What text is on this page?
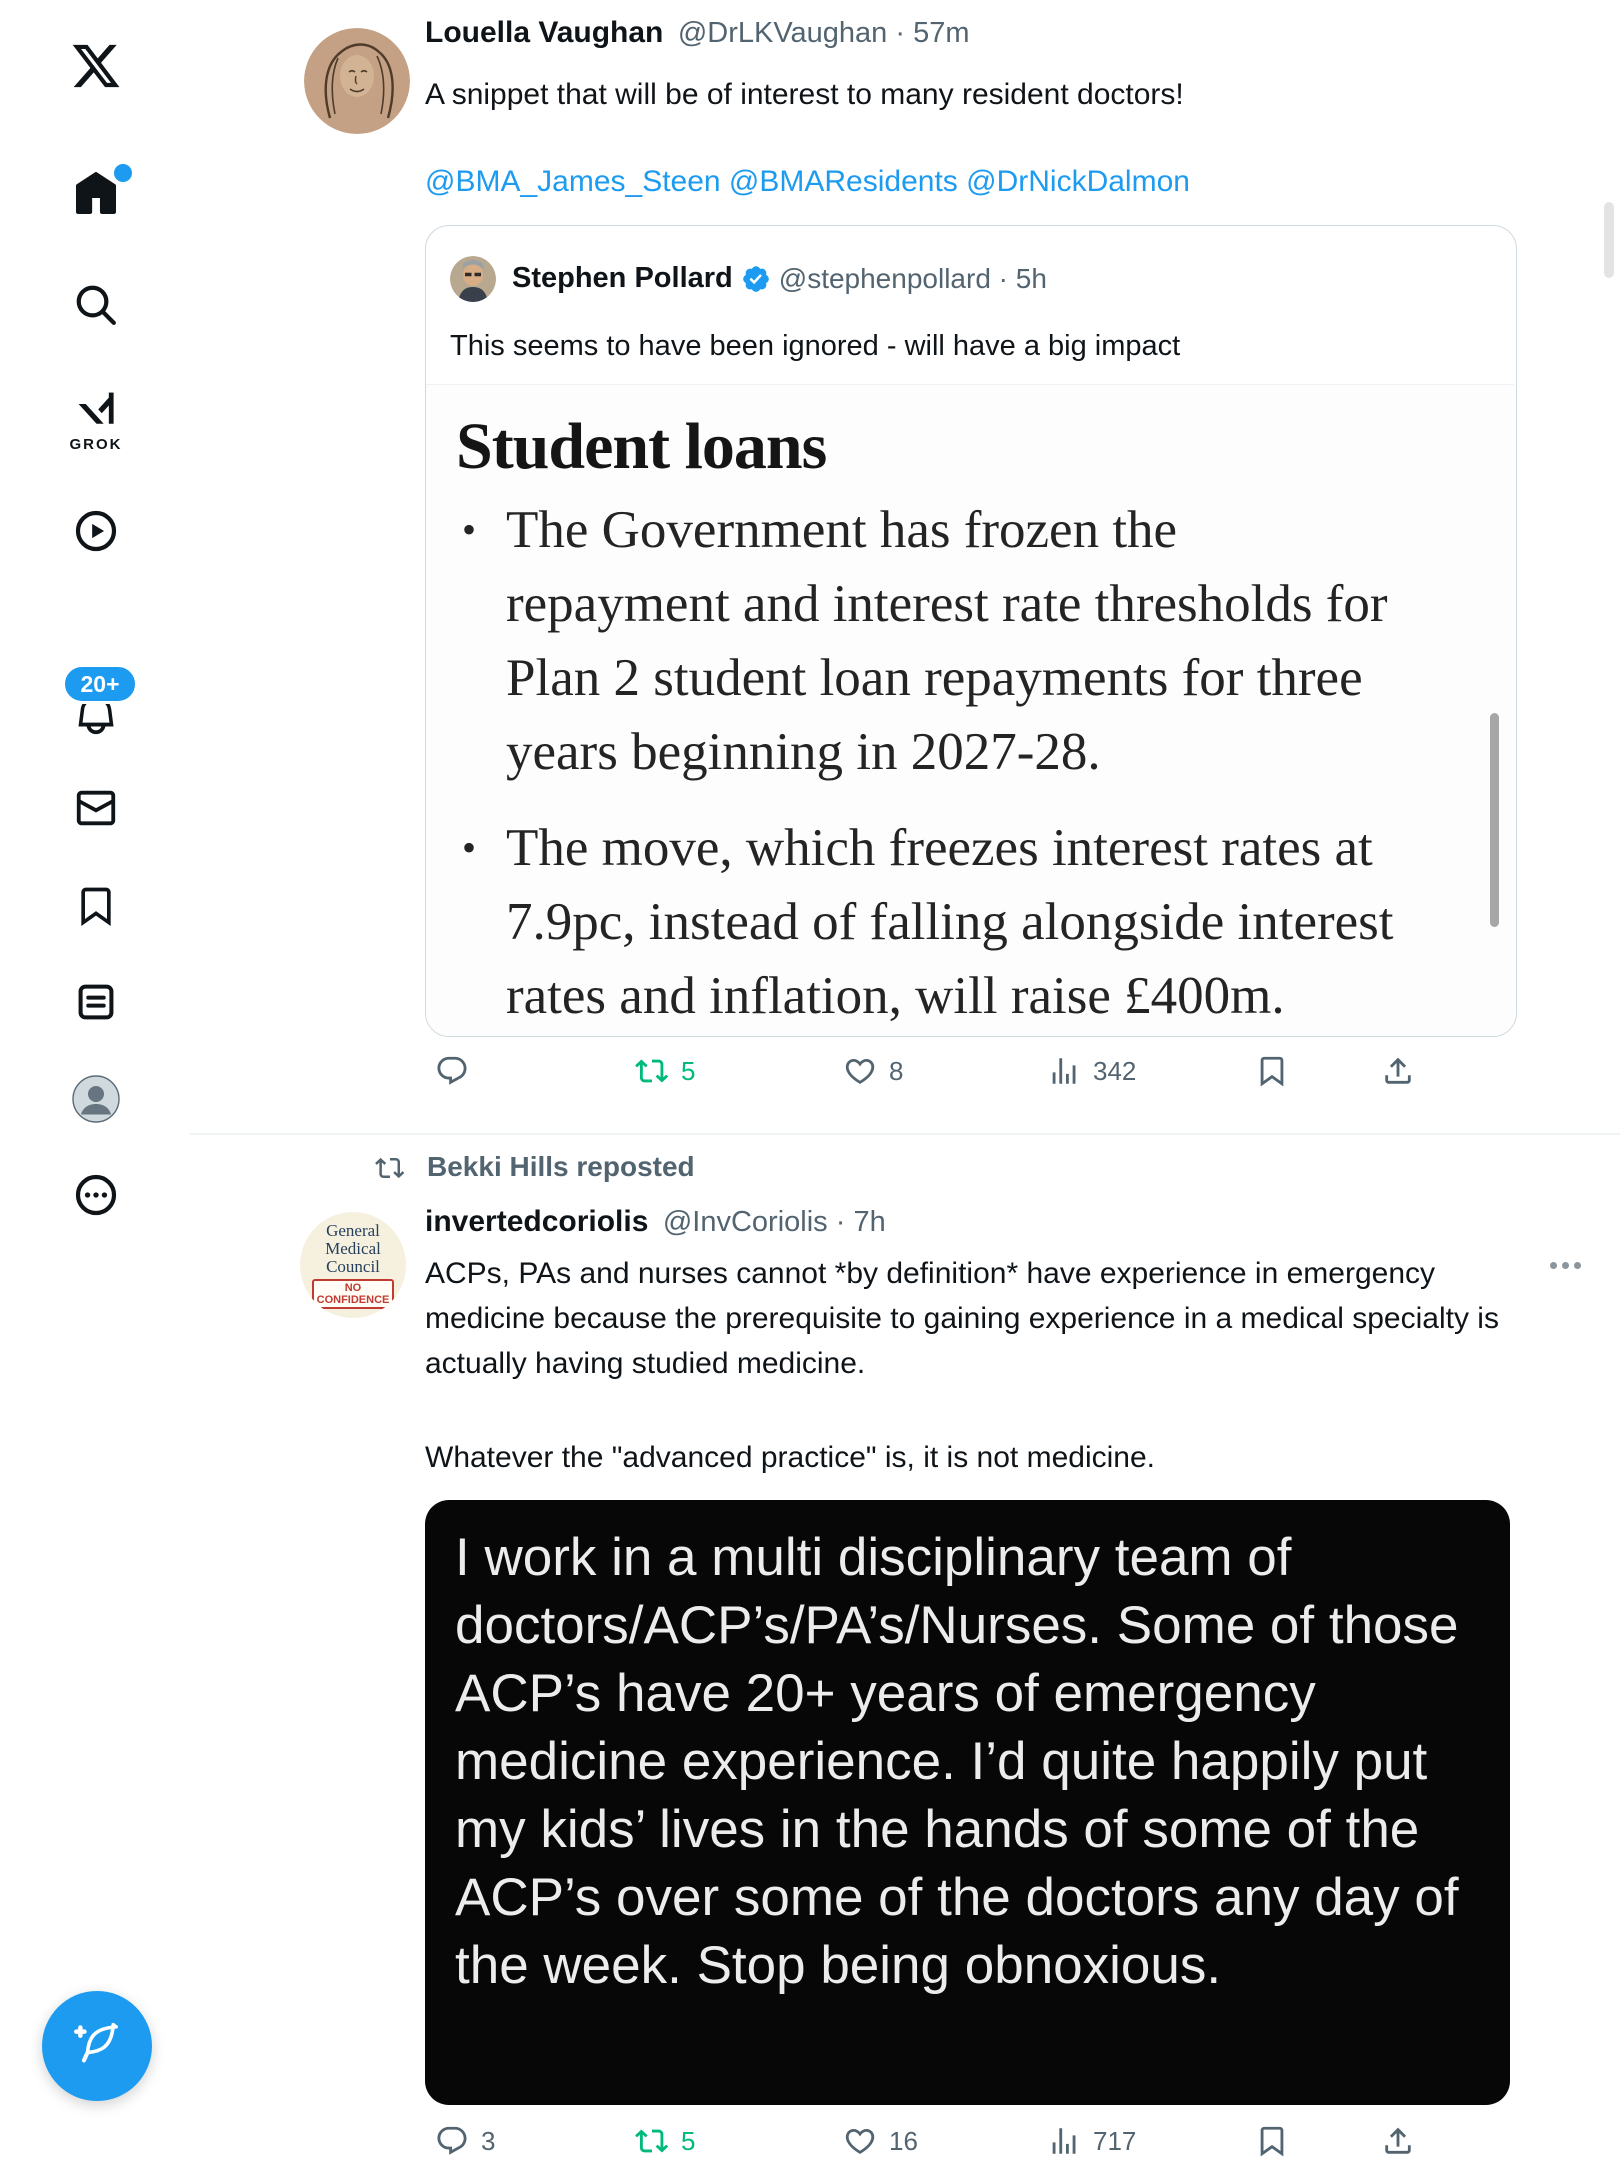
GROK
20+
Louella Vaughan @DrLKVaughan · 57m
A snippet that will be of interest to many resident doctors!
@BMA_James_Steen @BMAResidents @DrNickDalmon
Stephen Pollard @stephenpollard · 5h
This seems to have been ignored - will have a big impact
Student loans
• The Government has frozen the repayment and interest rate thresholds for Plan 2 student loan repayments for three years beginning in 2027-28.
• The move, which freezes interest rates at 7.9pc, instead of falling alongside interest rates and inflation, will raise £400m.
5	8	342
Bekki Hills reposted
General
Medical
Council
NO
CONFIDENCE
invertedcoriolis @InvCoriolis · 7h
ACPs, PAs and nurses cannot *by definition* have experience in emergency medicine because the prerequisite to gaining experience in a medical specialty is actually having studied medicine.
Whatever the "advanced practice" is, it is not medicine.
I work in a multi disciplinary team of doctors/ACP’s/PA’s/Nurses. Some of those ACP’s have 20+ years of emergency medicine experience. I’d quite happily put my kids’ lives in the hands of some of the ACP’s over some of the doctors any day of the week. Stop being obnoxious.
3	5	16	717
